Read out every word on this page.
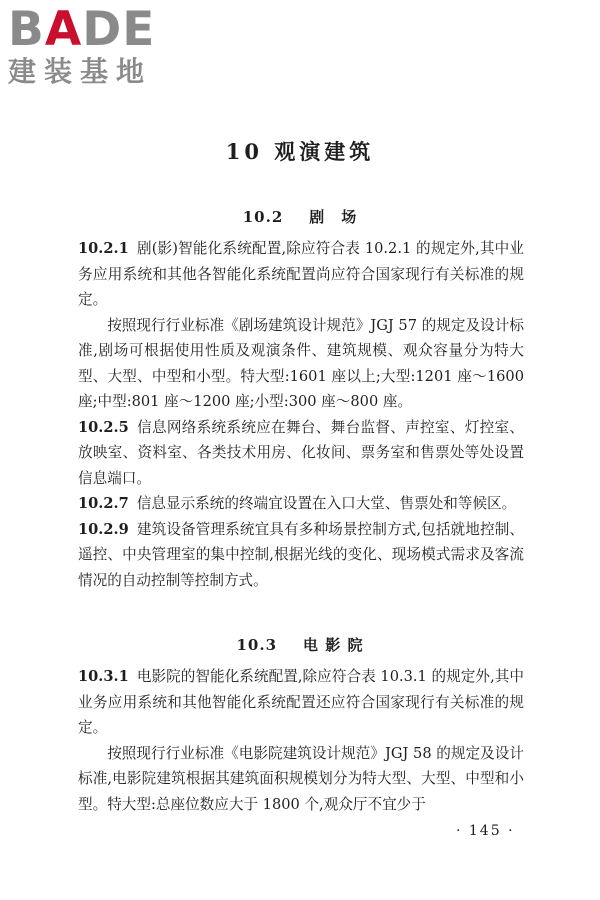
BADE
建装基地
10 观演建筑
10.2 剧　场

10.2.1 剧(影)智能化系统配置,除应符合表 10.2.1 的规定外,其中业务应用系统和其他各智能化系统配置尚应符合国家现行有关标准的规定。

按照现行行业标准《剧场建筑设计规范》JGJ 57 的规定及设计标准,剧场可根据使用性质及观演条件、建筑规模、观众容量分为特大型、大型、中型和小型。特大型:1601 座以上;大型:1201 座～1600 座;中型:801 座～1200 座;小型:300 座～800 座。

10.2.5 信息网络系统系统应在舞台、舞台监督、声控室、灯控室、放映室、资料室、各类技术用房、化妆间、票务室和售票处等处设置信息端口。

10.2.7 信息显示系统的终端宜设置在入口大堂、售票处和等候区。

10.2.9 建筑设备管理系统宜具有多种场景控制方式,包括就地控制、遥控、中央管理室的集中控制,根据光线的变化、现场模式需求及客流情况的自动控制等控制方式。

10.3 电 影 院

10.3.1 电影院的智能化系统配置,除应符合表 10.3.1 的规定外,其中业务应用系统和其他智能化系统配置还应符合国家现行有关标准的规定。

按照现行行业标准《电影院建筑设计规范》JGJ 58 的规定及设计标准,电影院建筑根据其建筑面积规模划分为特大型、大型、中型和小型。特大型:总座位数应大于 1800 个,观众厅不宜少于

· 145 ·
